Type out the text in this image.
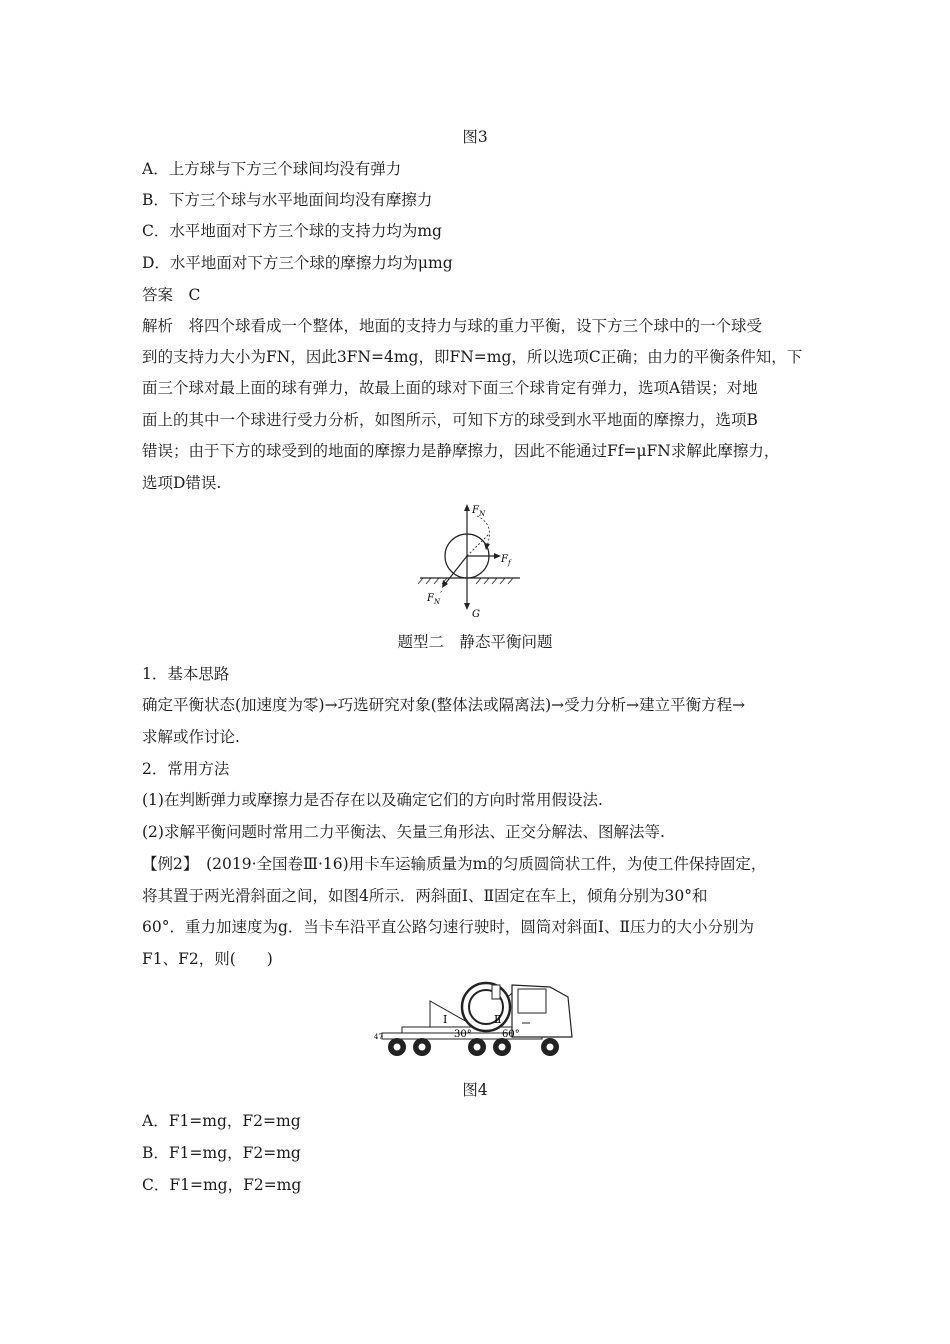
图3
A．上方球与下方三个球间均没有弹力
B．下方三个球与水平地面间均没有摩擦力
C．水平地面对下方三个球的支持力均为mg
D．水平地面对下方三个球的摩擦力均为μmg
答案　C
解析　将四个球看成一个整体，地面的支持力与球的重力平衡，设下方三个球中的一个球受
到的支持力大小为FN，因此3FN=4mg，即FN=mg，所以选项C正确；由力的平衡条件知，下
面三个球对最上面的球有弹力，故最上面的球对下面三个球肯定有弹力，选项A错误；对地
面上的其中一个球进行受力分析，如图所示，可知下方的球受到水平地面的摩擦力，选项B
错误；由于下方的球受到的地面的摩擦力是静摩擦力，因此不能通过Ff=μFN求解此摩擦力，
选项D错误.
$F_N$
$F_f$
$F_N'$
G
题型二　静态平衡问题
1．基本思路
确定平衡状态(加速度为零)→巧选研究对象(整体法或隔离法)→受力分析→建立平衡方程→
求解或作讨论.
2．常用方法
(1)在判断弹力或摩擦力是否存在以及确定它们的方向时常用假设法.
(2)求解平衡问题时常用二力平衡法、矢量三角形法、正交分解法、图解法等.
【例2】　(2019·全国卷Ⅲ·16)用卡车运输质量为m的匀质圆筒状工件，为使工件保持固定，
将其置于两光滑斜面之间，如图4所示．两斜面Ⅰ、Ⅱ固定在车上，倾角分别为30°和
60°．重力加速度为g．当卡车沿平直公路匀速行驶时，圆筒对斜面Ⅰ、Ⅱ压力的大小分别为
F1、F2，则(　　)
Ⅰ	Ⅱ
30°	60°
47
图4
A．F1=mg，F2=mg
B．F1=mg，F2=mg
C．F1=mg，F2=mg
